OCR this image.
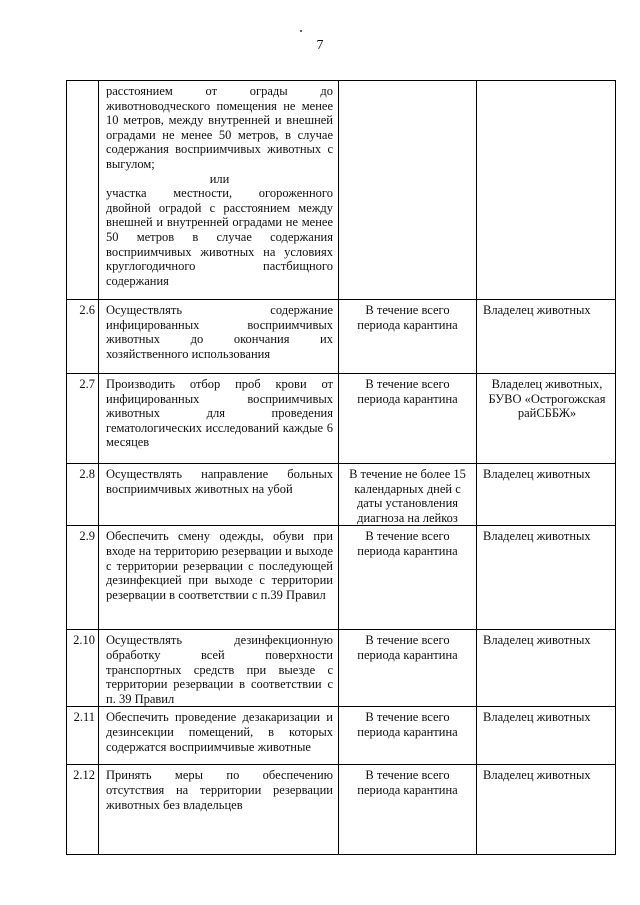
7
	расстоянием от ограды до животноводческого помещения не менее 10 метров, между внутренней и внешней оградами не менее 50 метров, в случае содержания восприимчивых животных с выгулом;
или
участка местности, огороженного двойной оградой с расстоянием между внешней и внутренней оградами не менее 50 метров в случае содержания восприимчивых животных на условиях круглогодичного пастбищного содержания		
2.6	Осуществлять содержание инфицированных восприимчивых животных до окончания их хозяйственного использования	В течение всего периода карантина	Владелец животных
2.7	Производить отбор проб крови от инфицированных восприимчивых животных для проведения гематологических исследований каждые 6 месяцев	В течение всего периода карантина	Владелец животных, БУВО «Острогожская райСББЖ»
2.8	Осуществлять направление больных восприимчивых животных на убой	В течение не более 15 календарных дней с даты установления диагноза на лейкоз	Владелец животных
2.9	Обеспечить смену одежды, обуви при входе на территорию резервации и выходе с территории резервации с последующей дезинфекцией при выходе с территории резервации в соответствии с п.39 Правил	В течение всего периода карантина	Владелец животных
2.10	Осуществлять дезинфекционную обработку всей поверхности транспортных средств при выезде с территории резервации в соответствии с п. 39 Правил	В течение всего периода карантина	Владелец животных
2.11	Обеспечить проведение дезакаризации и дезинсекции помещений, в которых содержатся восприимчивые животные	В течение всего периода карантина	Владелец животных
2.12	Принять меры по обеспечению отсутствия на территории резервации животных без владельцев	В течение всего периода карантина	Владелец животных
